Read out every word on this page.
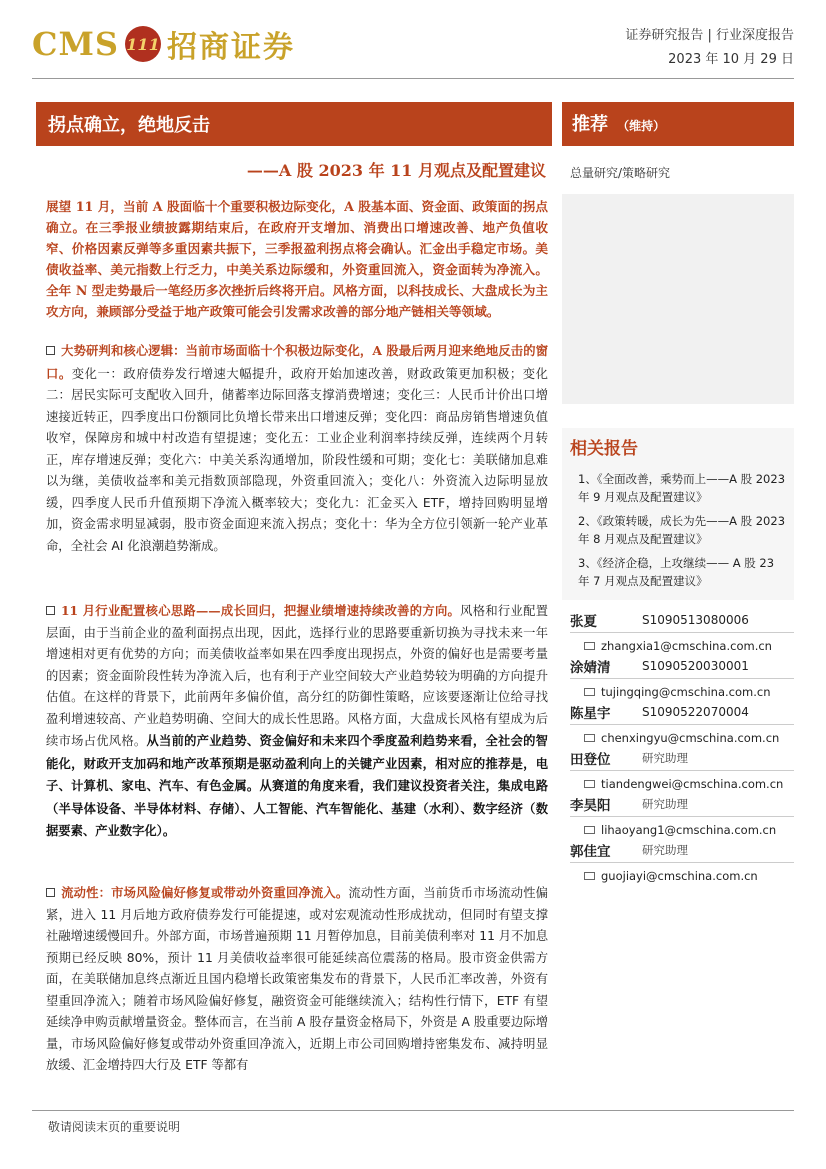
CMS 111 招商证券	证券研究报告 | 行业深度报告
2023 年 10 月 29 日
拐点确立，绝地反击
——A 股 2023 年 11 月观点及配置建议
推荐 （维持）
总量研究/策略研究
相关报告
1、《全面改善，乘势而上——A 股 2023 年 9 月观点及配置建议》
2、《政策转暖，成长为先——A 股 2023 年 8 月观点及配置建议》
3、《经济企稳，上攻继续—— A 股 23 年 7 月观点及配置建议》
张夏	S1090513080006
zhangxia1@cmschina.com.cn
涂婧清	S1090520030001
tujingqing@cmschina.com.cn
陈星宇	S1090522070004
chenxingyu@cmschina.com.cn
田登位	研究助理
tiandengwei@cmschina.com.cn
李昊阳	研究助理
lihaoyang1@cmschina.com.cn
郭佳宜	研究助理
guojiayi@cmschina.com.cn
展望 11 月，当前 A 股面临十个重要积极边际变化，A 股基本面、资金面、政策面的拐点确立。在三季报业绩披露期结束后，在政府开支增加、消费出口增速改善、地产负值收窄、价格因素反弹等多重因素共振下，三季报盈利拐点将会确认。汇金出手稳定市场。美债收益率、美元指数上行乏力，中美关系边际缓和，外资重回流入，资金面转为净流入。全年 N 型走势最后一笔经历多次挫折后终将开启。风格方面，以科技成长、大盘成长为主攻方向，兼顾部分受益于地产政策可能会引发需求改善的部分地产链相关等领域。
大势研判和核心逻辑：当前市场面临十个积极边际变化，A 股最后两月迎来绝地反击的窗口。变化一：政府债券发行增速大幅提升，政府开始加速改善，财政政策更加积极；变化二：居民实际可支配收入回升，储蓄率边际回落支撑消费增速；变化三：人民币计价出口增速接近转正，四季度出口份额同比负增长带来出口增速反弹；变化四：商品房销售增速负值收窄，保障房和城中村改造有望提速；变化五：工业企业利润率持续反弹，连续两个月转正，库存增速反弹；变化六：中美关系沟通增加，阶段性缓和可期；变化七：美联储加息难以为继，美债收益率和美元指数顶部隐现，外资重回流入；变化八：外资流入边际明显放缓，四季度人民币升值预期下净流入概率较大；变化九：汇金买入 ETF，增持回购明显增加，资金需求明显减弱，股市资金面迎来流入拐点；变化十：华为全方位引领新一轮产业革命，全社会 AI 化浪潮趋势渐成。
11 月行业配置核心思路——成长回归，把握业绩增速持续改善的方向。风格和行业配置层面，由于当前企业的盈利面拐点出现，因此，选择行业的思路要重新切换为寻找未来一年增速相对更有优势的方向；而美债收益率如果在四季度出现拐点，外资的偏好也是需要考量的因素；资金面阶段性转为净流入后，也有利于产业空间较大产业趋势较为明确的方向提升估值。在这样的背景下，此前两年多偏价值，高分红的防御性策略，应该要逐渐让位给寻找盈利增速较高、产业趋势明确、空间大的成长性思路。风格方面，大盘成长风格有望成为后续市场占优风格。从当前的产业趋势、资金偏好和未来四个季度盈利趋势来看，全社会的智能化，财政开支加码和地产改革预期是驱动盈利向上的关键产业因素，相对应的推荐是，电子、计算机、家电、汽车、有色金属。从赛道的角度来看，我们建议投资者关注，集成电路（半导体设备、半导体材料、存储）、人工智能、汽车智能化、基建（水利）、数字经济（数据要素、产业数字化）。
流动性：市场风险偏好修复或带动外资重回净流入。流动性方面，当前货币市场流动性偏紧，进入 11 月后地方政府债券发行可能提速，或对宏观流动性形成扰动，但同时有望支撑社融增速缓慢回升。外部方面，市场普遍预期 11 月暂停加息，目前美债利率对 11 月不加息预期已经反映 80%，预计 11 月美债收益率很可能延续高位震荡的格局。股市资金供需方面，在美联储加息终点渐近且国内稳增长政策密集发布的背景下，人民币汇率改善，外资有望重回净流入；随着市场风险偏好修复，融资资金可能继续流入；结构性行情下，ETF 有望延续净申购贡献增量资金。整体而言，在当前 A 股存量资金格局下，外资是 A 股重要边际增量，市场风险偏好修复或带动外资重回净流入，近期上市公司回购增持密集发布、减持明显放缓、汇金增持四大行及 ETF 等都有
敬请阅读末页的重要说明
